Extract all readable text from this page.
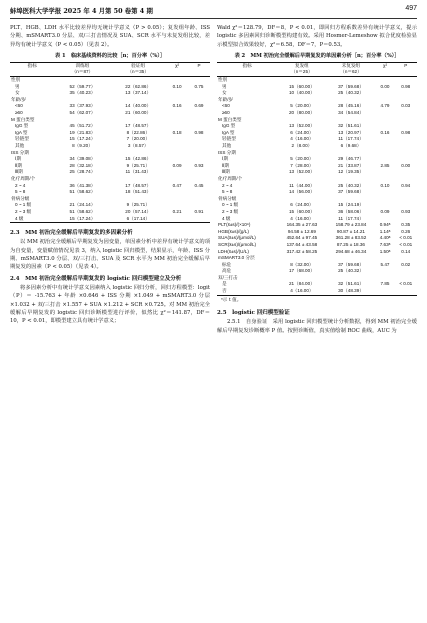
蚌埠医科大学学报 2025 年 4 月第 50 卷第 4 期	497

PLT、HGB、LDH 水平比较差异均无统计学意义（P > 0.05）；复发组年龄、ISS 分期、mSMART3.0 分层、双/三打击情况及 SUA、SCR 水平与未复发组比较，差异均有统计学意义（P < 0.05）（见表 2）。

表 1　临床基线资料的比较［n；百分率（%）］
指标	训练组	验证组	χ²	P
	（n＝87）	（n＝35）		
性别				
男	52（59.77）	22（62.86）	0.10	0.75
女	35（40.23）	13（37.14）		
年龄/岁				
<60	33（37.93）	14（40.00）	0.16	0.69
≥60	54（62.07）	21（60.00）		
M 蛋白类型				
IgG 型	45（51.72）	17（48.57）		
IgA 型	19（21.83）	8（22.86）	0.18	0.98
轻链型	15（17.24）	7（20.00）		
其他	8（9.20）	3（8.57）		
ISS 分期				
Ⅰ期	34（39.08）	15（42.86）		
Ⅱ期	28（32.18）	9（25.71）	0.09	0.93
Ⅲ期	25（28.74）	11（31.43）		
化疗周期/个				
2 ~ 4	36（41.38）	17（48.57）	0.47	0.45
5 ~ 8	51（58.62）	18（51.43）		
骨病分级				
0 ~ 1 级	21（24.14）	9（25.71）		
2 ~ 3 级	51（58.62）	20（57.14）	0.21	0.91
4 级	15（17.24）	6（17.14）		
2.3　MM 初治完全缓解后早期复发的多因素分析

以 MM 初治完全缓解后早期复发为因变量，单因素分析中差异有统计学意义的项为自变量，变量赋值情况见表 3，纳入 logistic 回归模型，结果显示，年龄、ISS 分期、mSMART3.0 分层、双/三打击、SUA 及 SCR 水平为 MM 初治完全缓解后早期复发的因素（P < 0.05）（见表 4）。

2.4　MM 初治完全缓解后早期复发的 logistic 回归模型建立及分析

将多因素分析中有统计学意义因素纳入 logistic 回归分析，回归方程模型：logit（P）＝ -15.763 + 年龄 ×0.646 + ISS 分期 ×1.049 + mSMART3.0 分层 ×1.032 + 双/三打击 ×1.557 + SUA ×1.212 + SCR ×0.725。对 MM 初治完全缓解后早期复发的 logistic 回归诊断模型进行评价，似然比 χ²＝141.87，DF＝10，P < 0.01，即模型建立具有统计学意义；

Wald χ²＝128.79，DF＝8，P < 0.01，即回归方程系数差异有统计学意义，提示 logistic 多因素回归诊断模型构建有效。采用 Hosmer-Lemeshow 拟合优度检验显示模型拟合效果较好，χ²＝6.58，DF＝7，P＝0.53。

表 2　MM 初治完全缓解后早期复发的单因素分析［n；百分率（%）］
指标	复发组	未复发组	χ²	P
	（n＝25）	（n＝62）		
性别				
男	15（60.00）	37（59.68）	0.00	0.98
女	10（40.00）	25（40.32）		
年龄/岁				
<60	5（20.00）	28（45.16）	4.79	0.03
≥60	20（80.00）	34（54.84）		
M 蛋白类型				
IgG 型	13（52.00）	32（51.61）		
IgA 型	6（24.00）	13（20.97）	0.16	0.98
轻链型	4（16.00）	11（17.74）		
其他	2（8.00）	6（9.68）		
ISS 分期				
Ⅰ期	5（20.00）	29（46.77）		
Ⅱ期	7（28.00）	21（33.87）	2.85	0.00
Ⅲ期	13（52.00）	12（19.35）		
化疗周期/个				
2 ~ 4	11（44.00）	25（40.32）	0.10	0.94
5 ~ 8	14（56.00）	37（59.68）		
骨病分级				
0 ~ 1 级	6（24.00）	15（24.19）		
2 ~ 3 级	15（60.00）	36（58.06）	0.09	0.93
4 级	4（16.00）	11（17.74）		
PLT(x̄±s)/(×10⁹)	164.35 ± 27.63	158.79 ± 23.84	0.94ᵃ	0.35
HGB(x̄±s)/(g/L)	94.58 ± 12.69	90.87 ± 14.21	1.14ᵃ	0.26
SUA(x̄±s)/(μmol/L)	452.64 ± 97.45	361.28 ± 83.52	4.40ᵃ	< 0.01
SCR(x̄±s)/(μmol/L)	137.64 ± 43.58	87.25 ± 18.36	7.63ᵃ	< 0.01
LDH(x̄±s)/(U/L)	317.42 ± 58.25	294.68 ± 46.34	1.50ᵃ	0.14
mSMART3.0 分层				
标危	8（32.00）	37（59.68）	5.47	0.02
高危	17（68.00）	25（40.32）		
双/三打击				
是	21（84.00）	32（51.61）	7.85	< 0.01
否	4（16.00）	30（48.39）		
ᵃ示 t 值。
2.5　logistic 回归模型验证

2.5.1　自身验证　采用 logistic 回归模型统计分析数据，得到 MM 初治完全缓解后早期复发诊断概率 P 值。按照诊断值，真实值绘制 ROC 曲线，AUC 为
